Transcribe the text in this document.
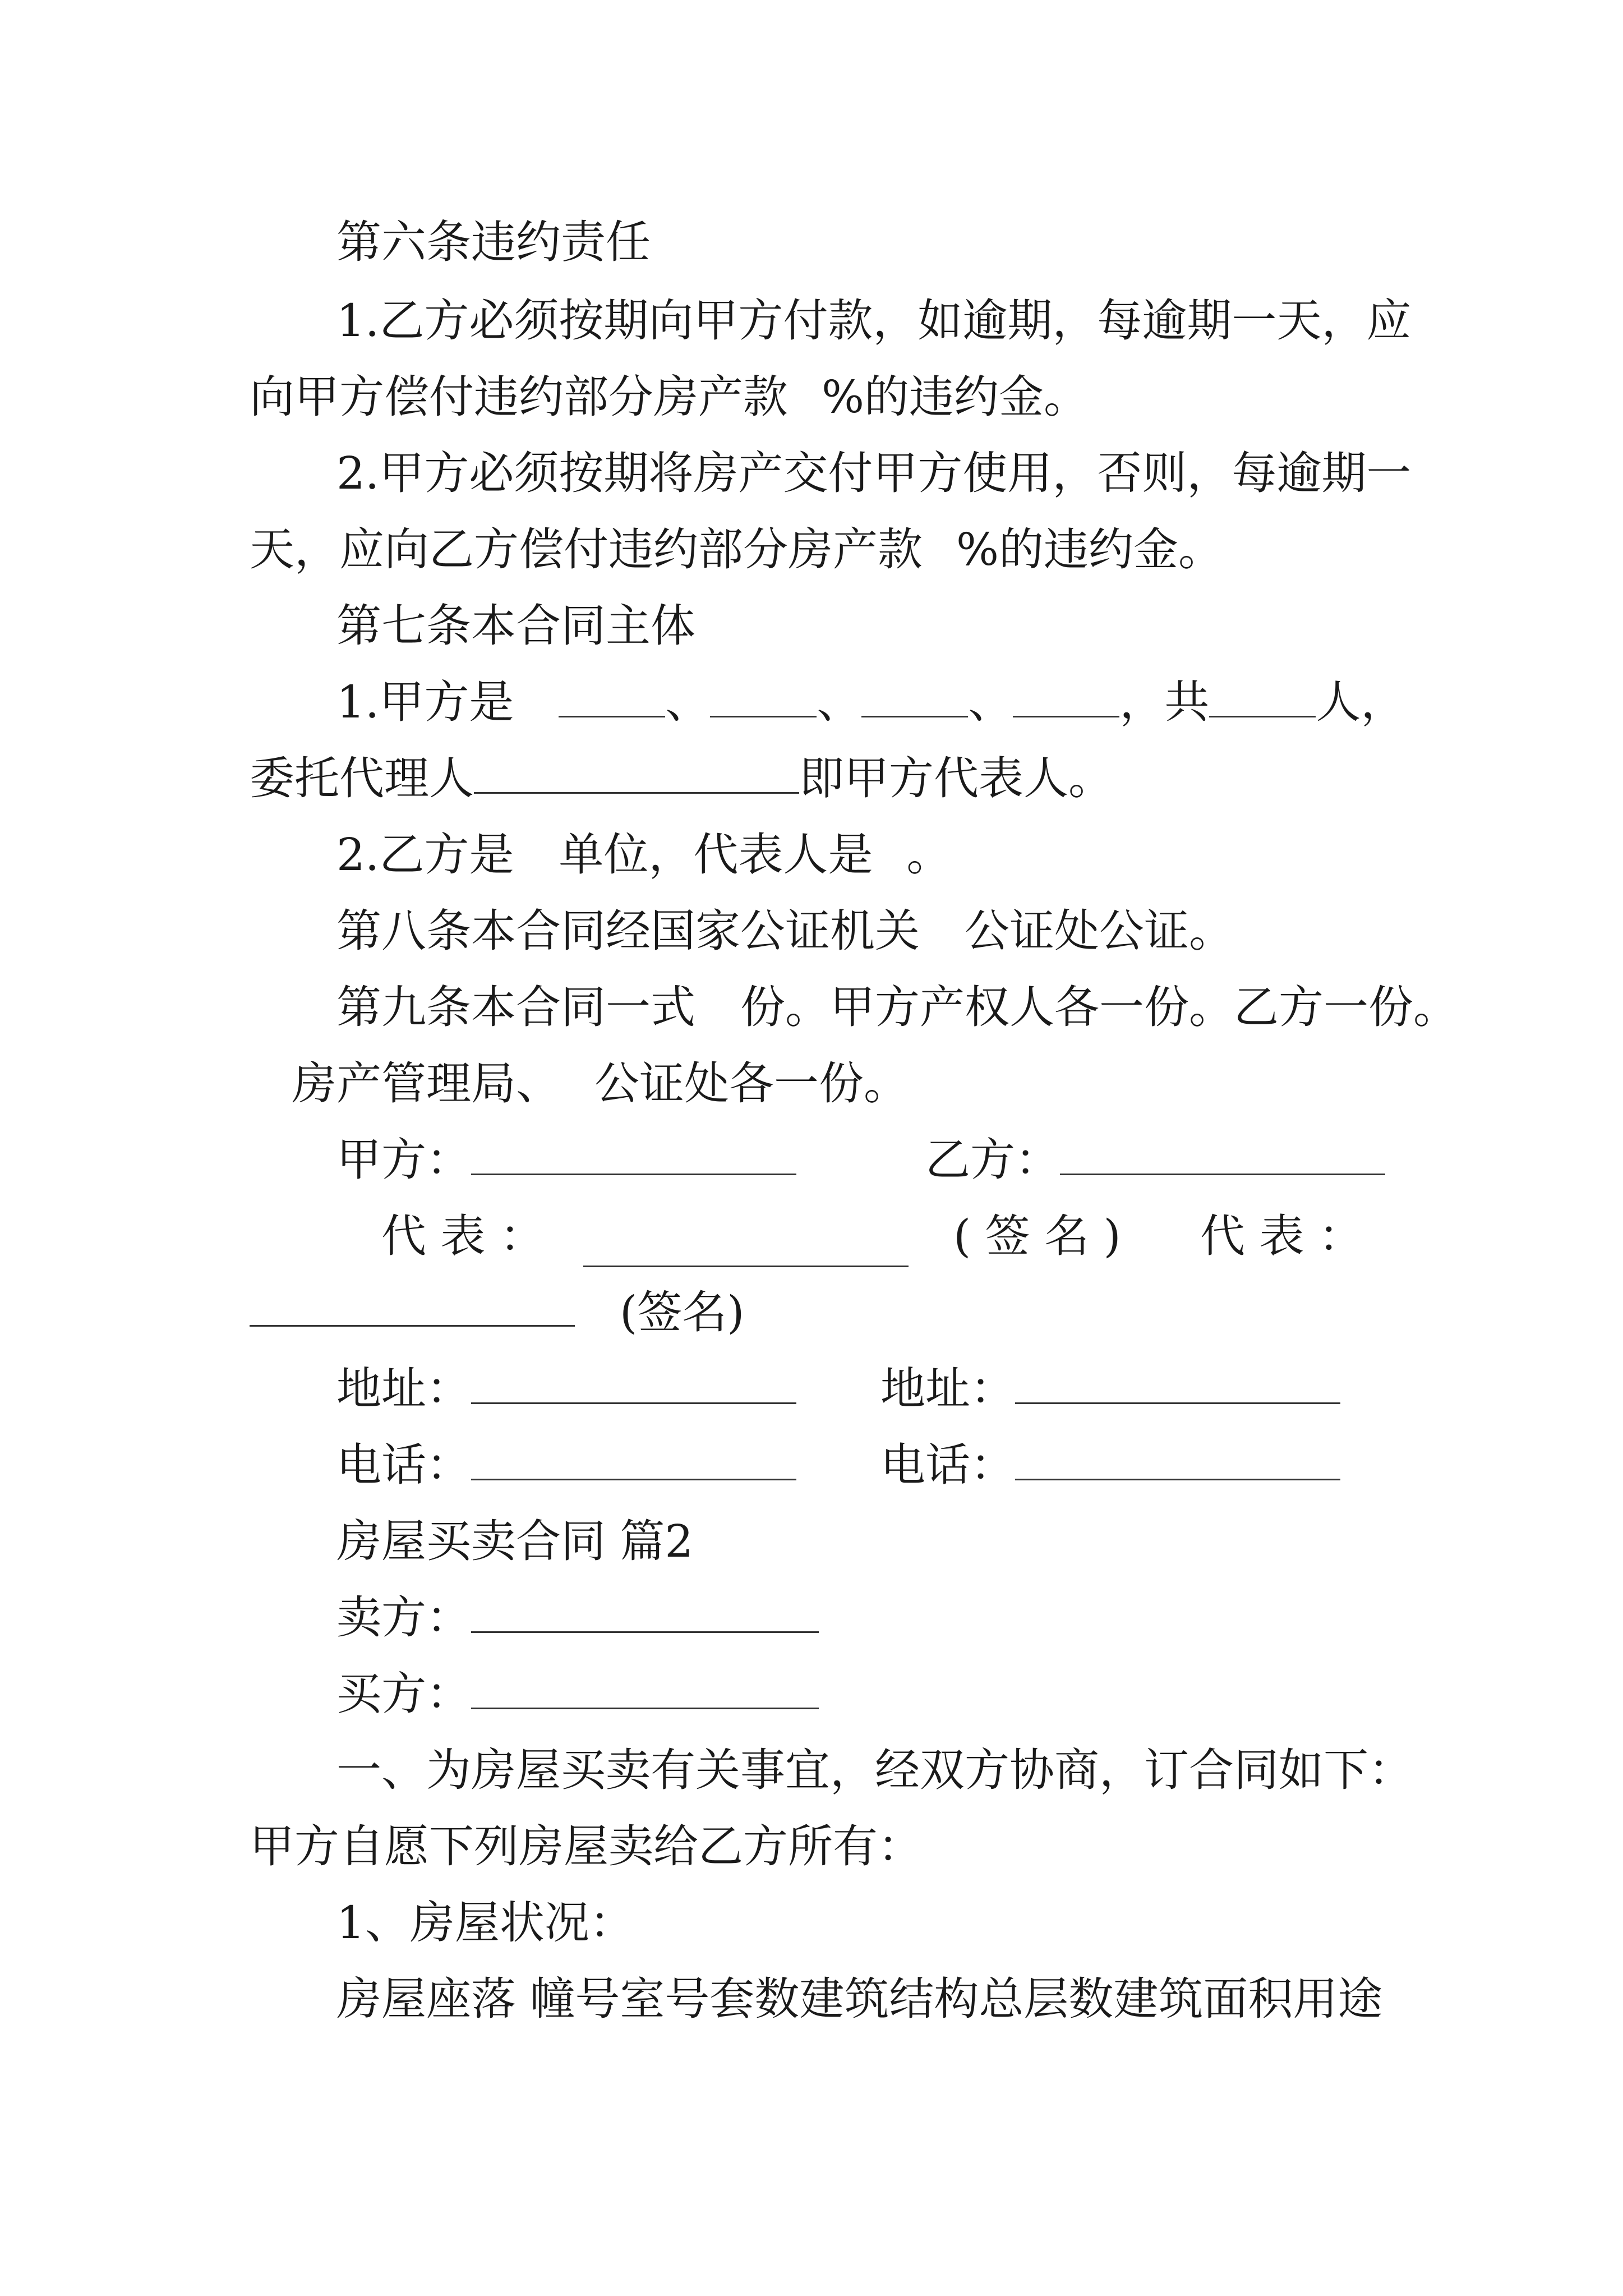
第六条违约责任
1.乙方必须按期向甲方付款，如逾期，每逾期一天，应
向甲方偿付违约部分房产款 %的违约金。
2.甲方必须按期将房产交付甲方使用，否则，每逾期一
天，应向乙方偿付违约部分房产款 %的违约金。
第七条本合同主体
1.甲方是	、 、 、 ，共 人，
委托代理人	即甲方代表人。
2.乙方是 单位，代表人是 。
第八条本合同经国家公证机关 公证处公证。
第九条本合同一式 份。甲方产权人各一份。乙方一份。
房产管理局、 公证处各一份。
甲方：	乙方：
代 表 ：	( 签 名 ) 代 表 ：
(签名)
地址：	地址：
电话：	电话：
房屋买卖合同 篇2
卖方：
买方：
一、为房屋买卖有关事宜，经双方协商，订合同如下：
甲方自愿下列房屋卖给乙方所有：
1、房屋状况：
房屋座落 幢号室号套数建筑结构总层数建筑面积用途
